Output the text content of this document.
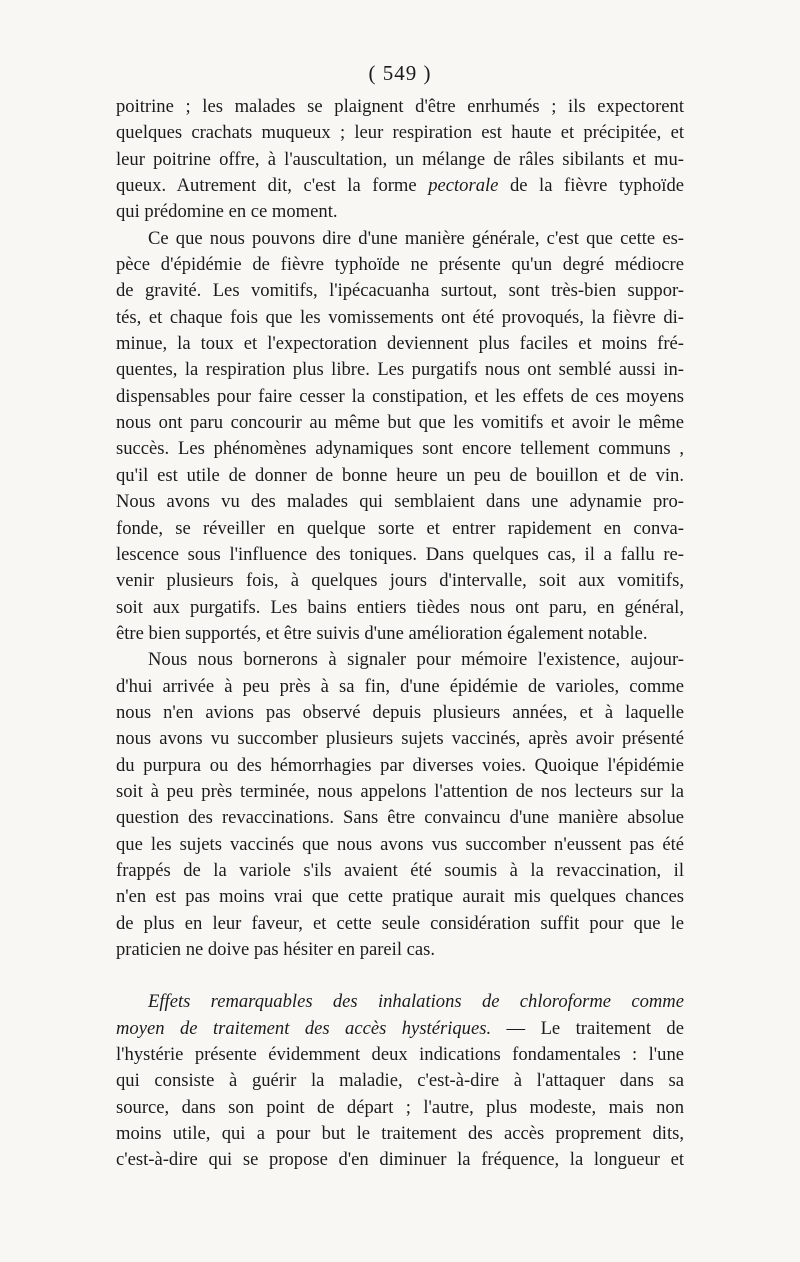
( 549 )
poitrine ; les malades se plaignent d'être enrhumés ; ils expectorent
quelques crachats muqueux ; leur respiration est haute et précipitée, et
leur poitrine offre, à l'auscultation, un mélange de râles sibilants et mu-
queux. Autrement dit, c'est la forme pectorale de la fièvre typhoïde
qui prédomine en ce moment.
Ce que nous pouvons dire d'une manière générale, c'est que cette es-
pèce d'épidémie de fièvre typhoïde ne présente qu'un degré médiocre
de gravité. Les vomitifs, l'ipécacuanha surtout, sont très-bien suppor-
tés, et chaque fois que les vomissements ont été provoqués, la fièvre di-
minue, la toux et l'expectoration deviennent plus faciles et moins fré-
quentes, la respiration plus libre. Les purgatifs nous ont semblé aussi in-
dispensables pour faire cesser la constipation, et les effets de ces moyens
nous ont paru concourir au même but que les vomitifs et avoir le même
succès. Les phénomènes adynamiques sont encore tellement communs ,
qu'il est utile de donner de bonne heure un peu de bouillon et de vin.
Nous avons vu des malades qui semblaient dans une adynamie pro-
fonde, se réveiller en quelque sorte et entrer rapidement en conva-
lescence sous l'influence des toniques. Dans quelques cas, il a fallu re-
venir plusieurs fois, à quelques jours d'intervalle, soit aux vomitifs,
soit aux purgatifs. Les bains entiers tièdes nous ont paru, en général,
être bien supportés, et être suivis d'une amélioration également notable.
Nous nous bornerons à signaler pour mémoire l'existence, aujour-
d'hui arrivée à peu près à sa fin, d'une épidémie de varioles, comme
nous n'en avions pas observé depuis plusieurs années, et à laquelle
nous avons vu succomber plusieurs sujets vaccinés, après avoir présenté
du purpura ou des hémorrhagies par diverses voies. Quoique l'épidémie
soit à peu près terminée, nous appelons l'attention de nos lecteurs sur la
question des revaccinations. Sans être convaincu d'une manière absolue
que les sujets vaccinés que nous avons vus succomber n'eussent pas été
frappés de la variole s'ils avaient été soumis à la revaccination, il
n'en est pas moins vrai que cette pratique aurait mis quelques chances
de plus en leur faveur, et cette seule considération suffit pour que le
praticien ne doive pas hésiter en pareil cas.
Effets remarquables des inhalations de chloroforme comme
moyen de traitement des accès hystériques. — Le traitement de
l'hystérie présente évidemment deux indications fondamentales : l'une
qui consiste à guérir la maladie, c'est-à-dire à l'attaquer dans sa
source, dans son point de départ ; l'autre, plus modeste, mais non
moins utile, qui a pour but le traitement des accès proprement dits,
c'est-à-dire qui se propose d'en diminuer la fréquence, la longueur et
